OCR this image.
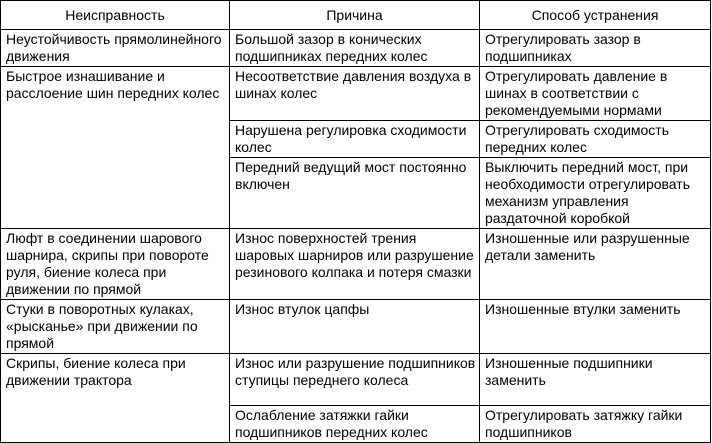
Неисправность	Причина	Способ устранения
Неустойчивость прямолинейного движения	Большой зазор в конических подшипниках передних колес	Отрегулировать зазор в подшипниках
Быстрое изнашивание и расслоение шин передних колес	Несоответствие давления воздуха в шинах колес	Отрегулировать давление в шинах в соответствии с рекомендуемыми нормами
	Нарушена регулировка сходимости колес	Отрегулировать сходимость передних колес
	Передний ведущий мост постоянно включен	Выключить передний мост, при необходимости отрегулировать механизм управления раздаточной коробкой
Люфт в соединении шарового шарнира, скрипы при повороте руля, биение колеса при движении по прямой	Износ поверхностей трения шаровых шарниров или разрушение резинового колпака и потеря смазки	Изношенные или разрушенные детали заменить
Стуки в поворотных кулаках, «рысканье» при движении по прямой	Износ втулок цапфы	Изношенные втулки заменить
Скрипы, биение колеса при движении трактора	Износ или разрушение подшипников ступицы переднего колеса	Изношенные подшипники заменить
	Ослабление затяжки гайки подшипников передних колес	Отрегулировать затяжку гайки подшипников
